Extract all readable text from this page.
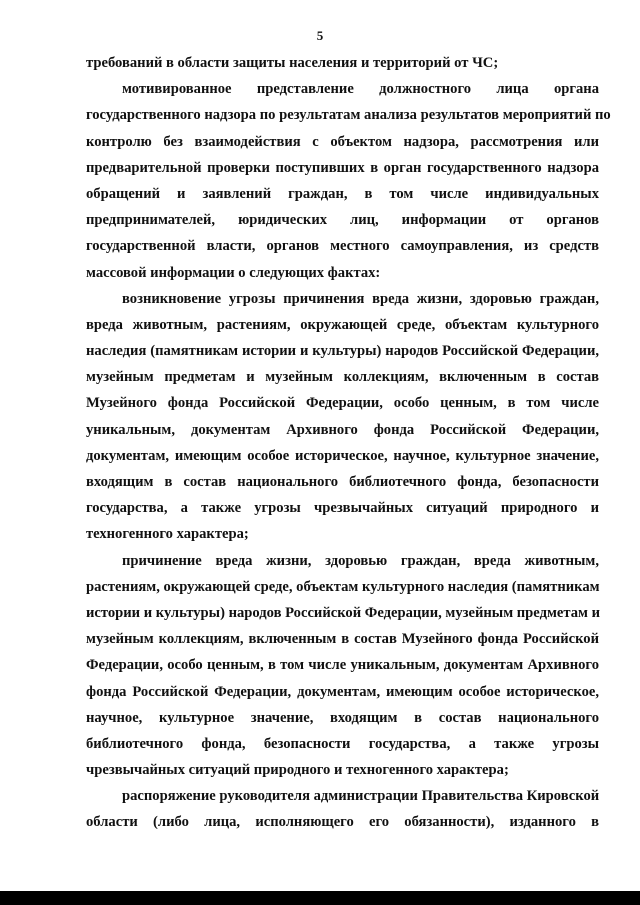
5
требований в области защиты населения и территорий от ЧС;
мотивированное представление должностного лица органа
государственного надзора по результатам анализа результатов мероприятий по
контролю без взаимодействия с объектом надзора, рассмотрения или
предварительной проверки поступивших в орган государственного надзора
обращений и заявлений граждан, в том числе индивидуальных
предпринимателей, юридических лиц, информации от органов
государственной власти, органов местного самоуправления, из средств
массовой информации о следующих фактах:
возникновение угрозы причинения вреда жизни, здоровью граждан,
вреда животным, растениям, окружающей среде, объектам культурного
наследия (памятникам истории и культуры) народов Российской Федерации,
музейным предметам и музейным коллекциям, включенным в состав
Музейного фонда Российской Федерации, особо ценным, в том числе
уникальным, документам Архивного фонда Российской Федерации,
документам, имеющим особое историческое, научное, культурное значение,
входящим в состав национального библиотечного фонда, безопасности
государства, а также угрозы чрезвычайных ситуаций природного и
техногенного характера;
причинение вреда жизни, здоровью граждан, вреда животным,
растениям, окружающей среде, объектам культурного наследия (памятникам
истории и культуры) народов Российской Федерации, музейным предметам и
музейным коллекциям, включенным в состав Музейного фонда Российской
Федерации, особо ценным, в том числе уникальным, документам Архивного
фонда Российской Федерации, документам, имеющим особое историческое,
научное, культурное значение, входящим в состав национального
библиотечного фонда, безопасности государства, а также угрозы
чрезвычайных ситуаций природного и техногенного характера;
распоряжение руководителя администрации Правительства Кировской
области (либо лица, исполняющего его обязанности), изданного в
